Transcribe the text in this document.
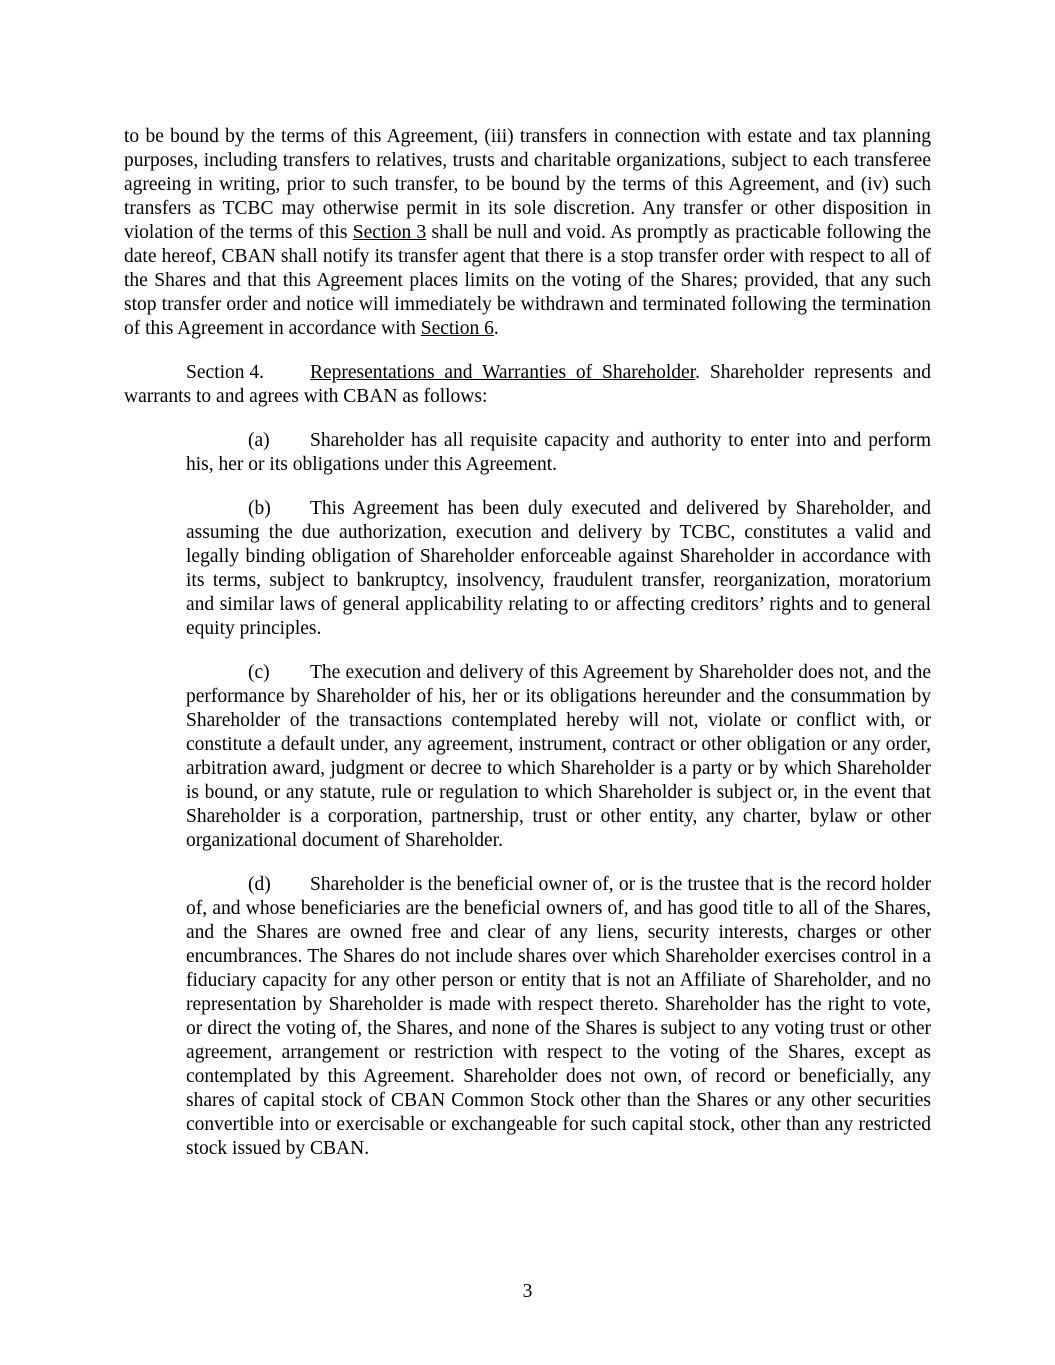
to be bound by the terms of this Agreement, (iii) transfers in connection with estate and tax planning purposes, including transfers to relatives, trusts and charitable organizations, subject to each transferee agreeing in writing, prior to such transfer, to be bound by the terms of this Agreement, and (iv) such transfers as TCBC may otherwise permit in its sole discretion. Any transfer or other disposition in violation of the terms of this Section 3 shall be null and void. As promptly as practicable following the date hereof, CBAN shall notify its transfer agent that there is a stop transfer order with respect to all of the Shares and that this Agreement places limits on the voting of the Shares; provided, that any such stop transfer order and notice will immediately be withdrawn and terminated following the termination of this Agreement in accordance with Section 6.

Section 4. Representations and Warranties of Shareholder. Shareholder represents and warrants to and agrees with CBAN as follows:

(a) Shareholder has all requisite capacity and authority to enter into and perform his, her or its obligations under this Agreement.

(b) This Agreement has been duly executed and delivered by Shareholder, and assuming the due authorization, execution and delivery by TCBC, constitutes a valid and legally binding obligation of Shareholder enforceable against Shareholder in accordance with its terms, subject to bankruptcy, insolvency, fraudulent transfer, reorganization, moratorium and similar laws of general applicability relating to or affecting creditors’ rights and to general equity principles.

(c) The execution and delivery of this Agreement by Shareholder does not, and the performance by Shareholder of his, her or its obligations hereunder and the consummation by Shareholder of the transactions contemplated hereby will not, violate or conflict with, or constitute a default under, any agreement, instrument, contract or other obligation or any order, arbitration award, judgment or decree to which Shareholder is a party or by which Shareholder is bound, or any statute, rule or regulation to which Shareholder is subject or, in the event that Shareholder is a corporation, partnership, trust or other entity, any charter, bylaw or other organizational document of Shareholder.

(d) Shareholder is the beneficial owner of, or is the trustee that is the record holder of, and whose beneficiaries are the beneficial owners of, and has good title to all of the Shares, and the Shares are owned free and clear of any liens, security interests, charges or other encumbrances. The Shares do not include shares over which Shareholder exercises control in a fiduciary capacity for any other person or entity that is not an Affiliate of Shareholder, and no representation by Shareholder is made with respect thereto. Shareholder has the right to vote, or direct the voting of, the Shares, and none of the Shares is subject to any voting trust or other agreement, arrangement or restriction with respect to the voting of the Shares, except as contemplated by this Agreement. Shareholder does not own, of record or beneficially, any shares of capital stock of CBAN Common Stock other than the Shares or any other securities convertible into or exercisable or exchangeable for such capital stock, other than any restricted stock issued by CBAN.

3
